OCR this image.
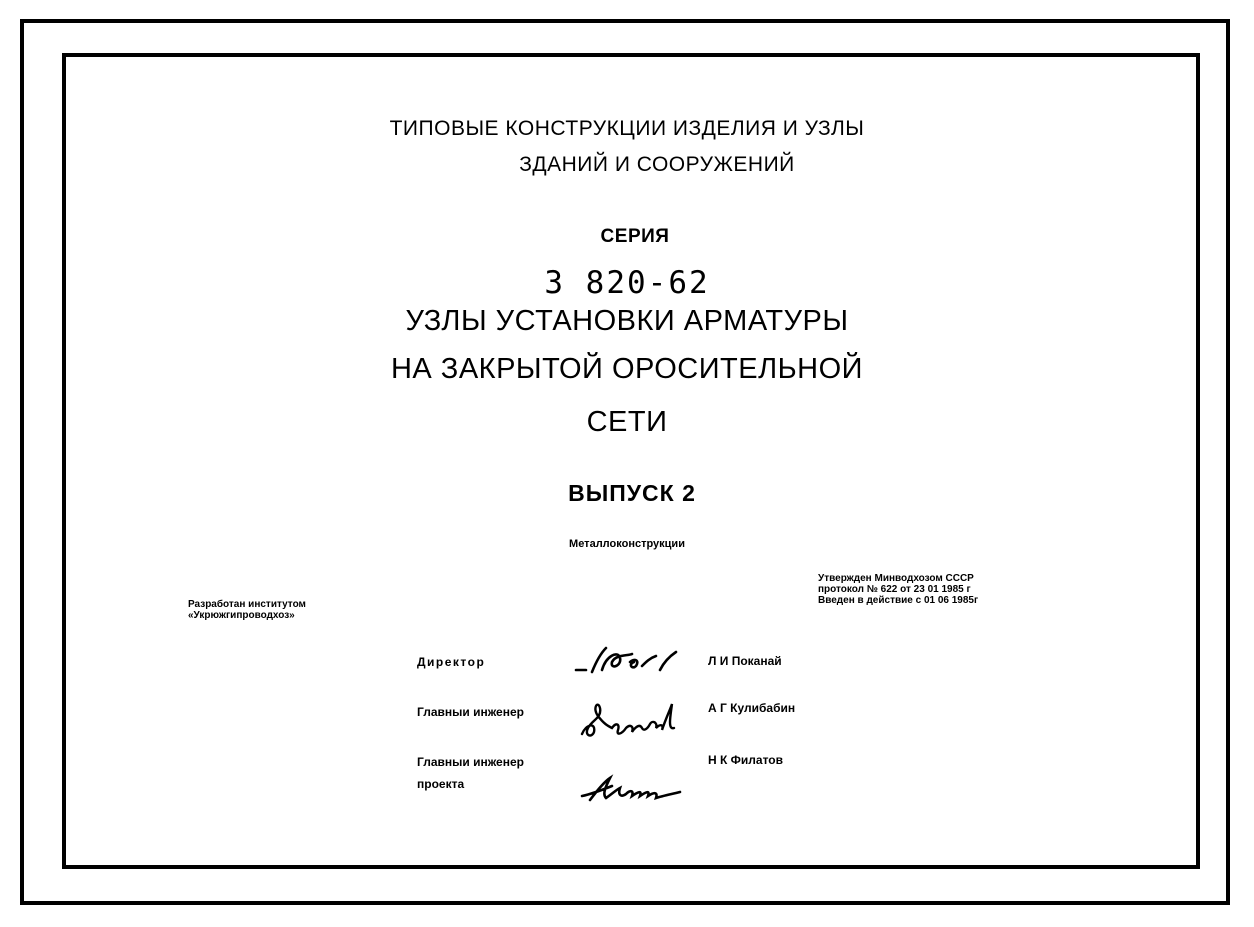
ТИПОВЫЕ КОНСТРУКЦИИ ИЗДЕЛИЯ И УЗЛЫ
ЗДАНИЙ И СООРУЖЕНИЙ
СЕРИЯ
3 820-62
УЗЛЫ УСТАНОВКИ АРМАТУРЫ
НА ЗАКРЫТОЙ ОРОСИТЕЛЬНОЙ
СЕТИ
ВЫПУСК 2
Металлоконструкции
Разработан институтом
«Укрюжгипроводхоз»
Утвержден Минводхозом СССР
протокол № 622 от 23 01 1985 г
Введен в действие с 01 06 1985г
Директор	Л И Поканай
Главныи инженер	А Г Кулибабин
Главныи инженер
проекта
Н К Филатов
